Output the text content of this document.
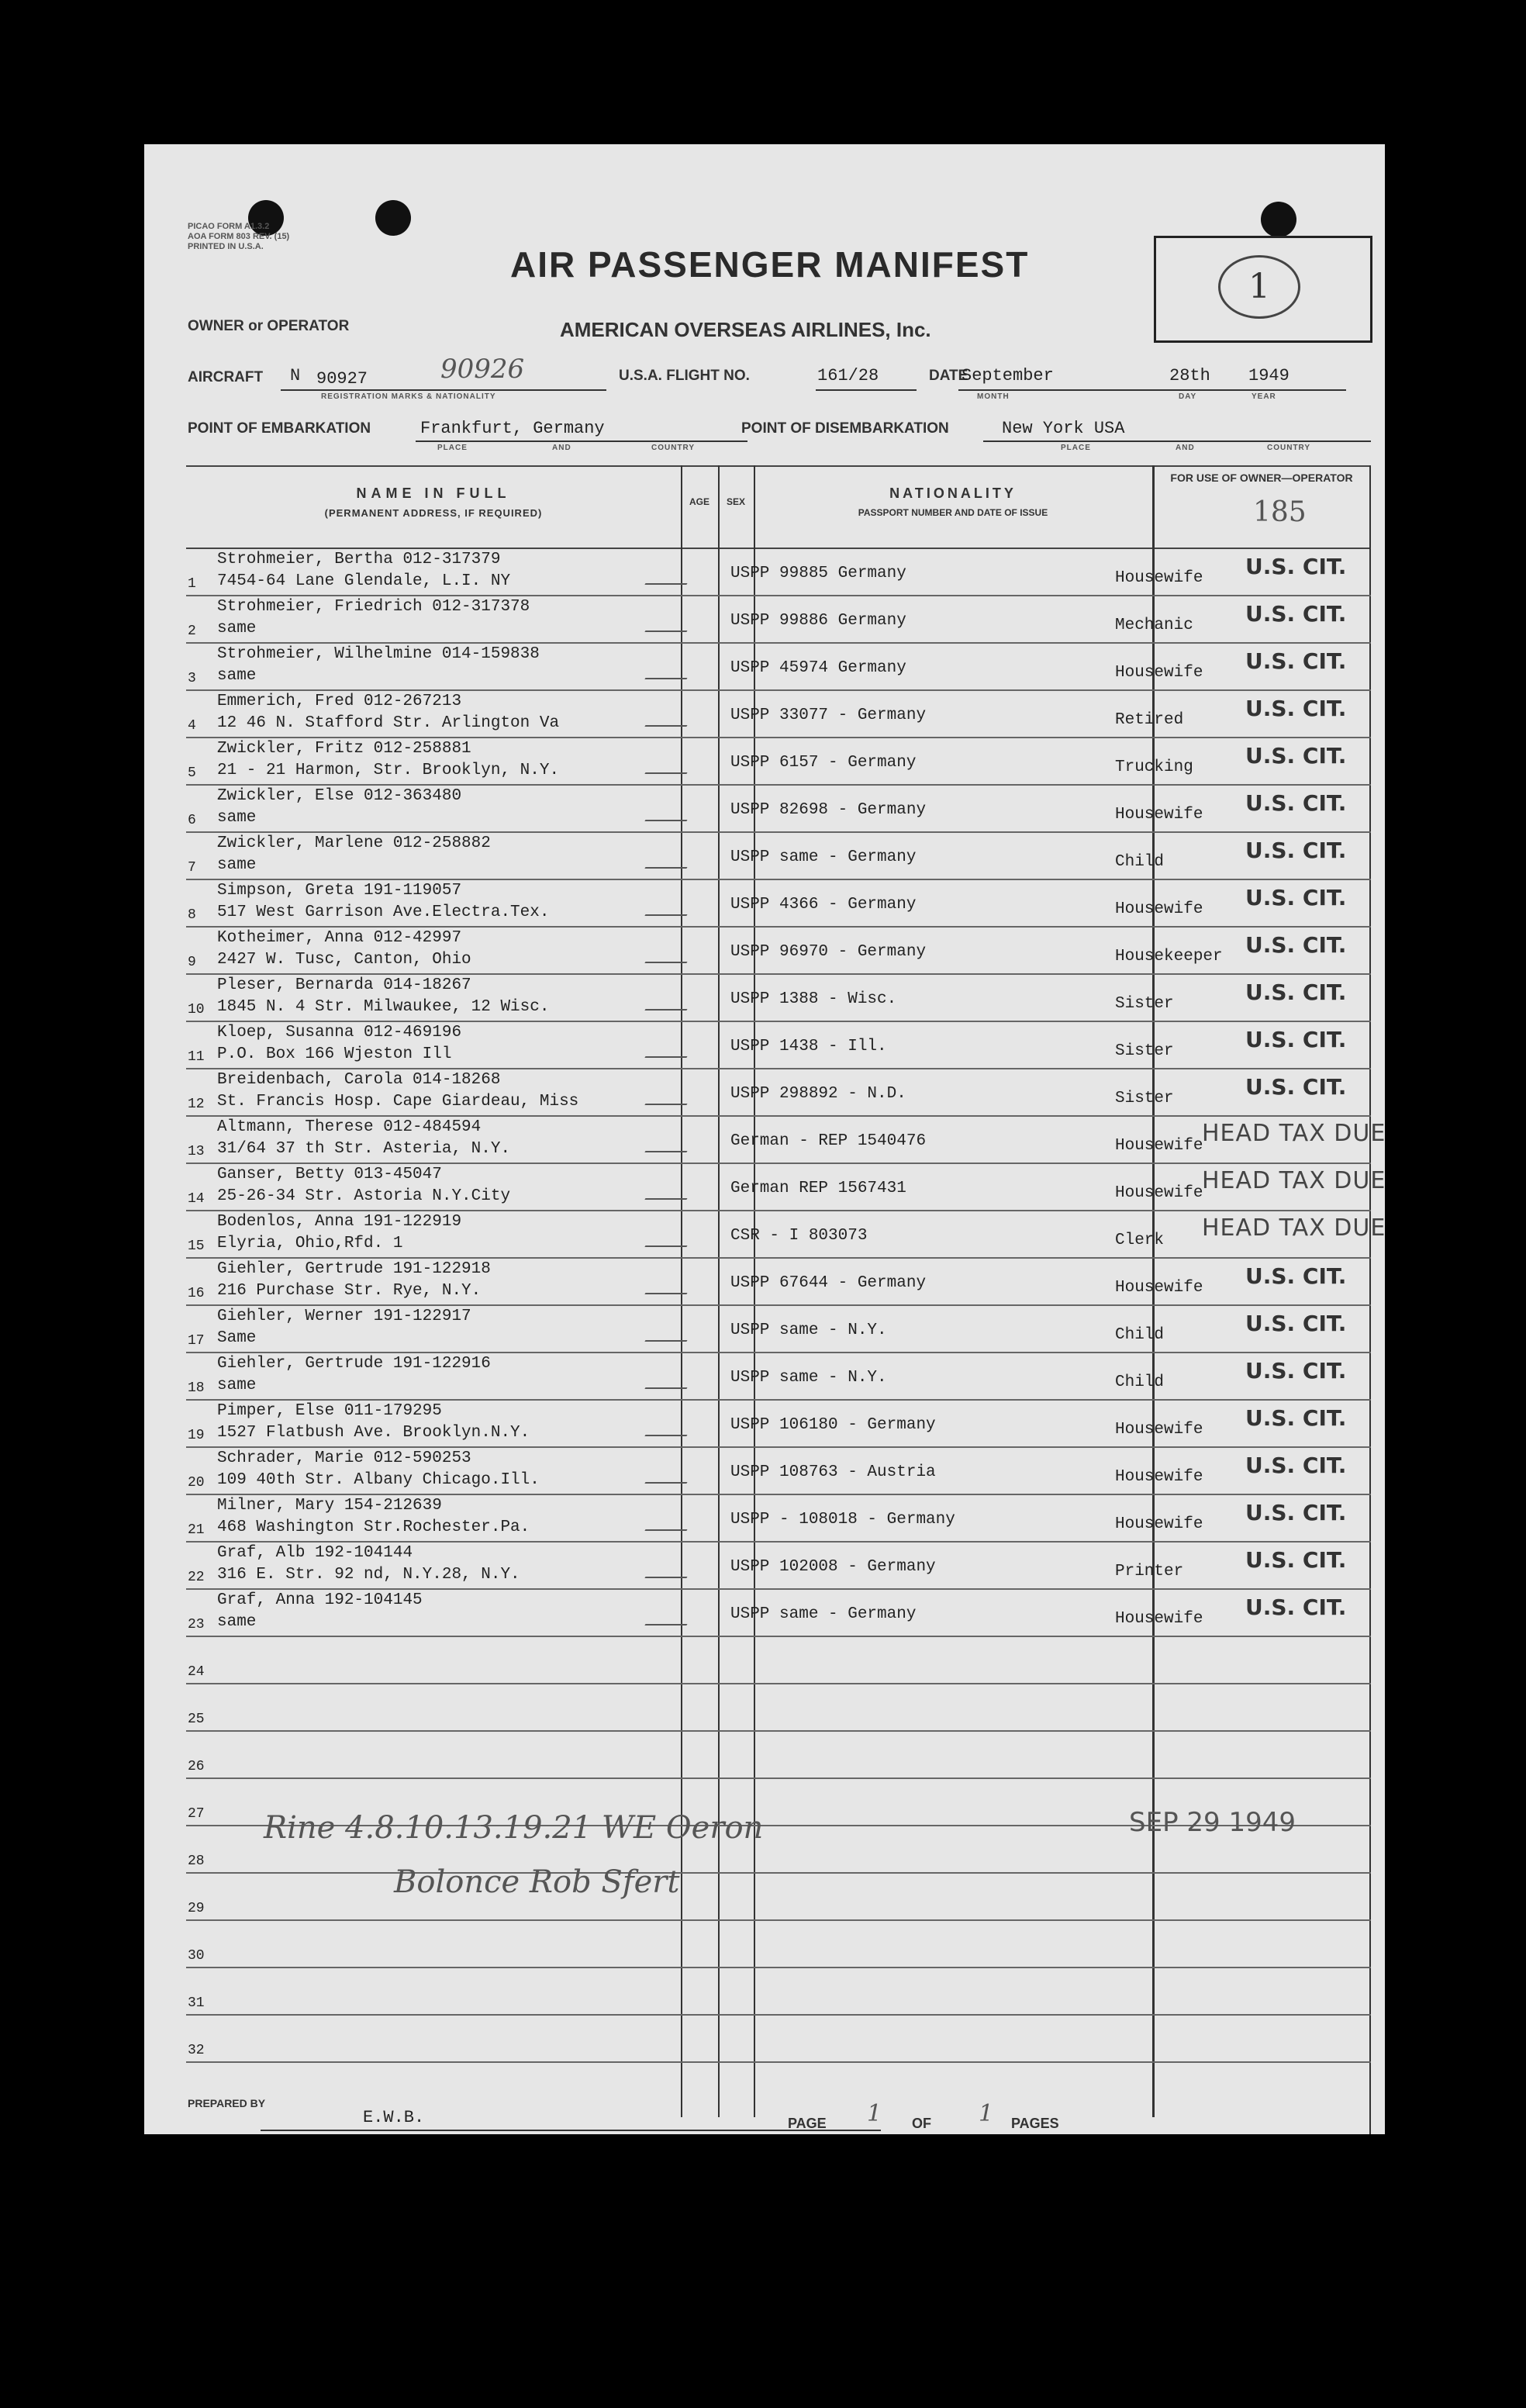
PICAO FORM A1.3.2
AOA FORM 803 REV. (15)
PRINTED IN U.S.A.	AIR PASSENGER MANIFEST
1
OWNER or OPERATOR	AMERICAN OVERSEAS AIRLINES, Inc.
AIRCRAFT N 90927	90926
REGISTRATION MARKS & NATIONALITY
U.S.A. FLIGHT NO.	161/28	DATE
September	28th 1949
MONTH	DAY	YEAR
POINT OF EMBARKATION	Frankfurt, Germany
PLACE	AND	COUNTRY
POINT OF DISEMBARKATION	New York USA
PLACE	AND	COUNTRY
NAME IN FULL
(PERMANENT ADDRESS, IF REQUIRED)
AGE	SEX
NATIONALITY
PASSPORT NUMBER AND DATE OF ISSUE
FOR USE OF OWNER—OPERATOR
185
1
Strohmeier, Bertha 012-317379
7454-64 Lane Glendale, L.I. NY	USPP 99885 Germany	Housewife U.S. CIT.
2
Strohmeier, Friedrich 012-317378
same	USPP 99886 Germany	Mechanic U.S. CIT.
3
Strohmeier, Wilhelmine 014-159838
same	USPP 45974 Germany	Housewife U.S. CIT.
4
Emmerich, Fred 012-267213
12 46 N. Stafford Str. Arlington Va	USPP 33077 - Germany	Retired	U.S. CIT.
5
Zwickler, Fritz 012-258881
21 - 21 Harmon, Str. Brooklyn, N.Y.	USPP 6157 - Germany	Trucking U.S. CIT.
6
Zwickler, Else 012-363480
same	USPP 82698 - Germany	Housewife U.S. CIT.
7
Zwickler, Marlene 012-258882
same	USPP same - Germany	Child	U.S. CIT.
8
Simpson, Greta 191-119057
517 West Garrison Ave.Electra.Tex.	USPP 4366 - Germany	Housewife U.S. CIT.
9
Kotheimer, Anna 012-42997
2427 W. Tusc, Canton, Ohio	USPP 96970 - Germany	Housekeeper U.S. CIT.
10
Pleser, Bernarda 014-18267
1845 N. 4 Str. Milwaukee, 12 Wisc.	USPP 1388 - Wisc.	Sister	U.S. CIT.
11
Kloep, Susanna 012-469196
P.O. Box 166 Wjeston Ill	USPP 1438 - Ill.	Sister	U.S. CIT.
12
Breidenbach, Carola 014-18268
St. Francis Hosp. Cape Giardeau, Miss	USPP 298892 - N.D.	Sister	U.S. CIT.
13
Altmann, Therese 012-484594
31/64 37 th Str. Asteria, N.Y.	German - REP 1540476	Housewife
HEAD TAX DUE
14
Ganser, Betty 013-45047
25-26-34 Str. Astoria N.Y.City	German REP 1567431	Housewife
HEAD TAX DUE
15
Bodenlos, Anna 191-122919
Elyria, Ohio,Rfd. 1	CSR - I 803073	Clerk HEAD TAX DUE
16
Giehler, Gertrude 191-122918
216 Purchase Str. Rye, N.Y.	USPP 67644 - Germany	Housewife U.S. CIT.
17
Giehler, Werner 191-122917
Same	USPP same - N.Y.	Child	U.S. CIT.
18
Giehler, Gertrude 191-122916
same	USPP same - N.Y.	Child	U.S. CIT.
19
Pimper, Else 011-179295
1527 Flatbush Ave. Brooklyn.N.Y.	USPP 106180 - Germany	Housewife U.S. CIT.
20
Schrader, Marie 012-590253
109 40th Str. Albany Chicago.Ill.	USPP 108763 - Austria	Housewife U.S. CIT.
21
Milner, Mary 154-212639
468 Washington Str.Rochester.Pa.	USPP - 108018 - Germany	Housewife U.S. CIT.
22
Graf, Alb 192-104144
316 E. Str. 92 nd, N.Y.28, N.Y.	USPP 102008 - Germany	Printer	U.S. CIT.
23
Graf, Anna 192-104145
same	USPP same - Germany	Housewife U.S. CIT.
24
25
26
27
28
29
30
31
32
Rine 4.8.10.13.19.21 WE Oeron
Bolonce Rob Sfert
SEP 29 1949
PREPARED BY
E.W.B.	PAGE 1 OF 1 PAGES
